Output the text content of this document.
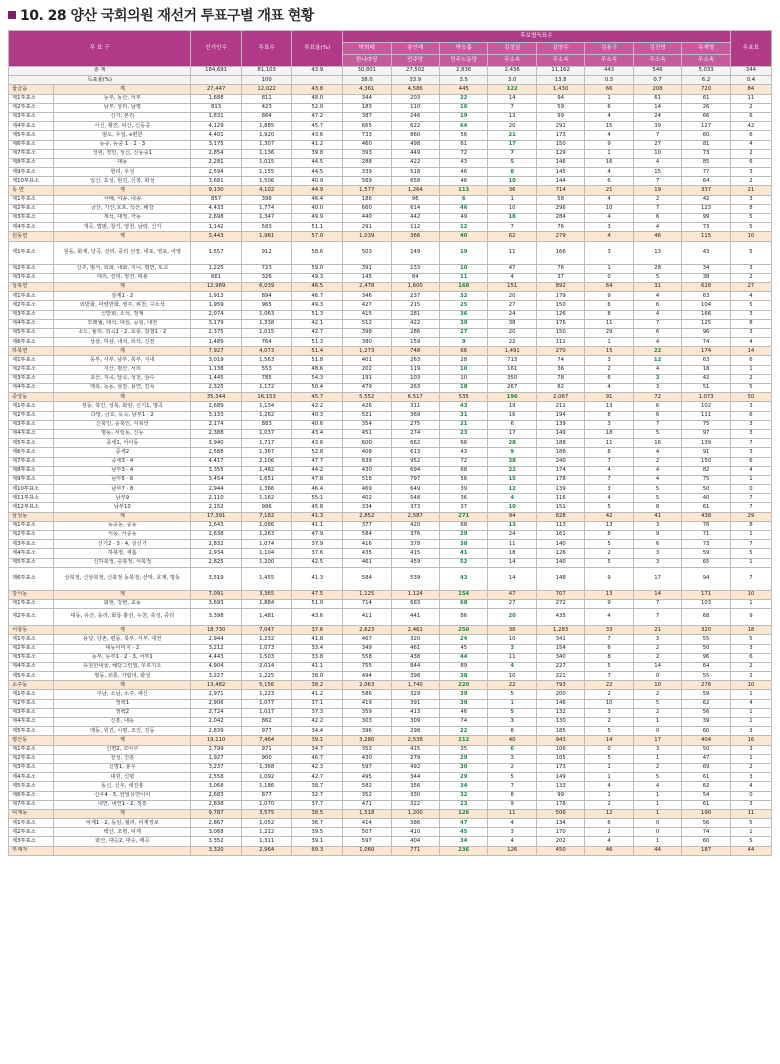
10. 28 양산 국회의원 재선거 투표구별 개표 현황
투 표 구		선거인수	투표수	투표율(%)	후보별득표수								무효표
					박희태	송인배	박승흡	김정일	김양수	김용구	김진명	유재명	
					한나라당	민주당	민주노동당	무소속	무소속	무소속	무소속	무소속	
총 계		184,691	81,103	43.9	30,801	27,502	2,836	2,436	11,162	443	546	5,033	344
득표율(%)			100		38.0	33.9	3.5	3.0	13.8	0.5	0.7	6.2	0.4
물금읍	계	27,447	12,022	43.8	4,361	4,586	445	122	1,430	66	208	720	84
제1투표소	동부, 동산, 서부	1,688	811	48.0	344	203	22	14	94	1	61	61	11
제2투표소	남부, 상리, 남평	813	423	52.0	183	110	16	7	59	6	14	26	2
제3투표소	신기, 본리	1,831	864	47.2	387	246	19	13	99	4	24	66	6
제4투표소	서신, 황전, 덕산, 신동중	4,129	1,885	45.7	665	622	64	20	291	15	39	127	42
제5투표소	범도, 우일, e편한	4,401	1,920	43.6	733	860	56	21	173	4	7	60	6
제6투표소	동중, 동중 1 · 2 · 3	3,175	1,307	41.2	460	498	61	17	150	9	27	81	4
제7투표소	성원, 경민, 성신, 신동중1	2,854	1,136	39.8	393	449	72	7	129	1	10	73	2
제8투표소	대동	2,281	1,015	44.5	288	422	43	5	146	16	4	85	6
제9투표소	현리, 우성	2,594	1,155	44.5	339	518	46	8	145	4	15	77	3
제10투표소	일신, 효성, 현진, 신창, 화성	3,681	1,506	40.9	569	658	46	10	144	6	7	64	2
동 면	계	9,130	4,102	44.9	1,577	1,264	113	36	714	21	19	337	21
제1투표소	사배, 여송, 내송	857	398	46.4	186	96	6	1	58	4	2	42	3
제2투표소	금산, 가산,호포, 석산, 해강	4,433	1,774	40.0	660	614	46	10	296	10	7	123	8
제3투표소	계석, 대정, 극동	2,698	1,347	49.9	440	442	49	18	284	4	6	99	5
제4투표소	개곡, 법범, 창기, 영천, 남락, 신기	1,142	583	51.1	291	112	12	7	76	3	4	73	5
원동면	계	3,443	1,961	57.0	1,039	366	40	62	279	4	46	115	10
제1투표소	원동, 화제, 당곡, 선리, 중리 선장, 내포, 영포, 어영	1,557	912	58.6	503	149	19	11	166	3	13	43	5
제2투표소	신주, 범서, 외화, 내화, 지니, 평연, 토교	1,225	723	59.0	391	133	10	47	76	1	28	34	3
제3투표소	대리, 선리, 정천, 태봉	661	326	49.3	145	84	11	4	37	0	5	38	2
상북면	계	12,989	6,039	46.5	2,478	1,600	168	151	892	64	31	628	27
제1투표소	삼계1 · 2	1,913	894	46.7	346	237	32	20	179	9	4	63	4
제2투표소	외받화, 마령반화, 영주, 위천, 구소석	1,959	965	49.3	427	215	25	27	150	6	6	104	5
제3투표소	신받화, 소석, 정제	2,074	1,063	51.3	415	281	36	24	126	8	4	166	3
제4투표소	모래월, 대석, 대심, 공핑, 내전	3,179	1,338	42.1	512	422	39	38	176	11	7	125	8
제5투표소	소노, 율리, 외곡1 · 2, 효충, 감결1 · 2	2,375	1,015	42.7	398	286	27	20	150	29	6	96	3
제6투표소	상삼, 하삼, 내석, 외석, 신전	1,489	764	51.3	380	159	9	22	111	1	4	74	4
하북면	계	7,927	4,073	51.4	1,273	748	66	1,491	270	15	22	174	14
제1투표소	동부, 서부, 남부, 북부, 지내	3,019	1,563	51.8	401	263	28	713	74	3	12	63	6
제2투표소	지산, 평산, 서리	1,138	553	48.6	202	119	10	161	36	2	4	18	1
제3투표소	초산, 지곡, 답곡, 성천, 삼수	1,445	785	54.3	191	103	10	350	78	6	3	42	2
제4투표소	백록, 녹동, 삼감, 용연, 진목	2,325	1,172	50.4	479	263	18	267	82	4	3	51	5
중앙동	계	35,344	16,153	45.7	5,552	6,517	535	196	2,067	91	72	1,073	50
제1투표소	정동, 북인, 성북, 화암, 신기1, 명곡	2,689	1,134	42.2	426	311	43	19	211	13	6	102	3
제2투표소	다방, 금호, 옥곡, 남부1 · 2	3,133	1,262	40.3	521	369	31	16	194	8	6	111	6
제3투표소	신북인, 중북인, 서북인	2,174	883	40.6	354	275	21	6	139	3	7	75	3
제4투표소	명동, 서림동, 신동	2,388	1,037	43.4	451	274	23	17	149	18	5	97	3
제5투표소	중세1, 서이동	3,940	1,717	43.6	600	662	66	28	188	11	16	139	7
제6투표소	중세2	2,588	1,367	52.8	408	613	43	9	188	8	4	91	3
제7투표소	중세3 · 4	4,417	2,106	47.7	639	952	72	38	240	7	2	150	6
제8투표소	남부3 · 4	3,355	1,482	44.2	430	694	68	22	174	4	4	82	4
제9투표소	남부5 · 6	3,454	1,651	47.8	518	797	56	15	178	7	4	75	1
제10투표소	남부7 · 8	2,944	1,366	46.4	469	649	39	12	139	3	5	50	0
제11투표소	남부9	2,110	1,162	55.1	402	548	36	4	116	4	5	40	7
제12투표소	남부10	2,152	986	45.8	334	373	37	10	151	5	8	61	7
삼성동	계	17,391	7,182	41.3	2,852	2,587	271	94	828	42	41	438	29
제1투표소	동중동, 중동	2,643	1,086	41.1	377	420	68	13	113	13	3	76	8
제2투표소	서동, 서중동	2,638	1,263	47.9	584	376	29	24	161	8	9	71	1
제3투표소	신기2 · 3 · 4, 상신기	2,832	1,074	37.9	416	378	38	11	140	5	6	73	7
제4투표소	하북정, 새롬	2,934	1,104	37.6	435	415	41	18	126	2	3	59	5
제5투표소	신하북정, 중북정, 서북정	2,825	1,200	42.5	461	459	52	14	140	5	3	65	1
제6투표소	상북정, 신상북정, 신북정 동북정, 산막, 호계, 명동	3,519	1,455	41.3	584	539	43	14	148	9	17	94	7
강서동	계	7,091	3,365	47.5	1,125	1,124	154	47	707	13	14	171	10
제1투표소	회현, 강변, 교동	3,693	1,884	51.0	714	683	68	27	272	9	7	103	1
제2투표소	대동, 유산, 동리, 화룡 홍선, 누천, 축성, 중리	3,398	1,481	43.6	411	441	86	20	435	4	7	68	9
서창동	계	18,730	7,047	37.6	2,623	2,461	250	38	1,283	33	21	320	18
제1투표소	용당, 당촌, 편동, 북부, 서부, 대전	2,944	1,232	41.8	467	320	24	10	341	7	3	55	5
제2투표소	대동이미지 · 2	3,212	1,073	33.4	349	461	45	3	154	6	2	50	3
제3투표소	동부, 동부1 · 2 · 3, 서부1	4,443	1,503	33.8	558	438	44	11	340	8	2	96	6
제4투표소	유원한내울, 해당그린빌, 우르지오	4,904	2,014	41.1	755	844	89	4	227	5	14	64	2
제5투표소	명동, 외통, 가람리, 화성	3,227	1,225	38.0	494	398	38	10	221	7	0	55	2
소주동	계	13,482	5,156	38.2	2,063	1,740	220	22	793	22	10	276	10
제1투표소	주남, 소남, 소주, 세신	2,971	1,223	41.2	586	329	39	5	200	2	2	59	1
제2투표소	정백1	2,906	1,077	37.1	419	391	39	1	146	10	5	62	4
제3투표소	정백2	2,724	1,017	37.3	359	413	46	5	132	3	2	56	1
제4투표소	신흥, 대동	2,042	862	42.2	303	309	74	3	130	2	1	39	1
제5투표소	맥동, 원진, 시평, 조진, 진동	2,839	977	34.4	396	298	22	8	185	5	0	60	3
평산동	계	19,110	7,464	39.1	3,280	2,538	212	40	943	14	17	404	16
제1투표소	신명2, 코아루	2,799	971	34.7	353	415	35	6	106	0	3	50	3
제2투표소	천성, 진흥	1,927	900	46.7	430	279	29	3	105	5	1	47	1
제3투표소	신명1, 봉우	3,237	1,368	42.3	597	492	30	2	173	1	2	69	2
제4투표소	대원, 신명	2,558	1,092	42.7	495	344	29	5	149	1	5	61	3
제5투표소	동신, 신우, 세진흥	3,068	1,186	38.7	582	356	34	7	133	4	4	62	4
제6투표소	신우4 · 5, 한일유연이이	2,683	877	32.7	352	330	32	8	99	1	1	54	0
제7투표소	내연, 내연1 · 2, 정흥	2,838	1,070	37.7	471	322	23	9	178	2	1	61	3
덕계동	계	9,787	3,575	38.5	1,518	1,200	126	11	506	12	1	190	11
제1투표소	덕계1 · 2, 동임, 월라, 덕계정보	2,867	1,052	36.7	414	386	47	4	134	6	0	56	5
제2투표소	백산, 조평, 덕계	3,068	1,212	39.5	507	410	45	3	170	2	0	74	1
제3투표소	와산, 대승2, 대승, 매곡	3,352	1,311	39.1	597	404	34	4	202	4	1	60	5
부재자		3,320	2,964	89.3	1,060	771	236	126	450	46	44	187	44
